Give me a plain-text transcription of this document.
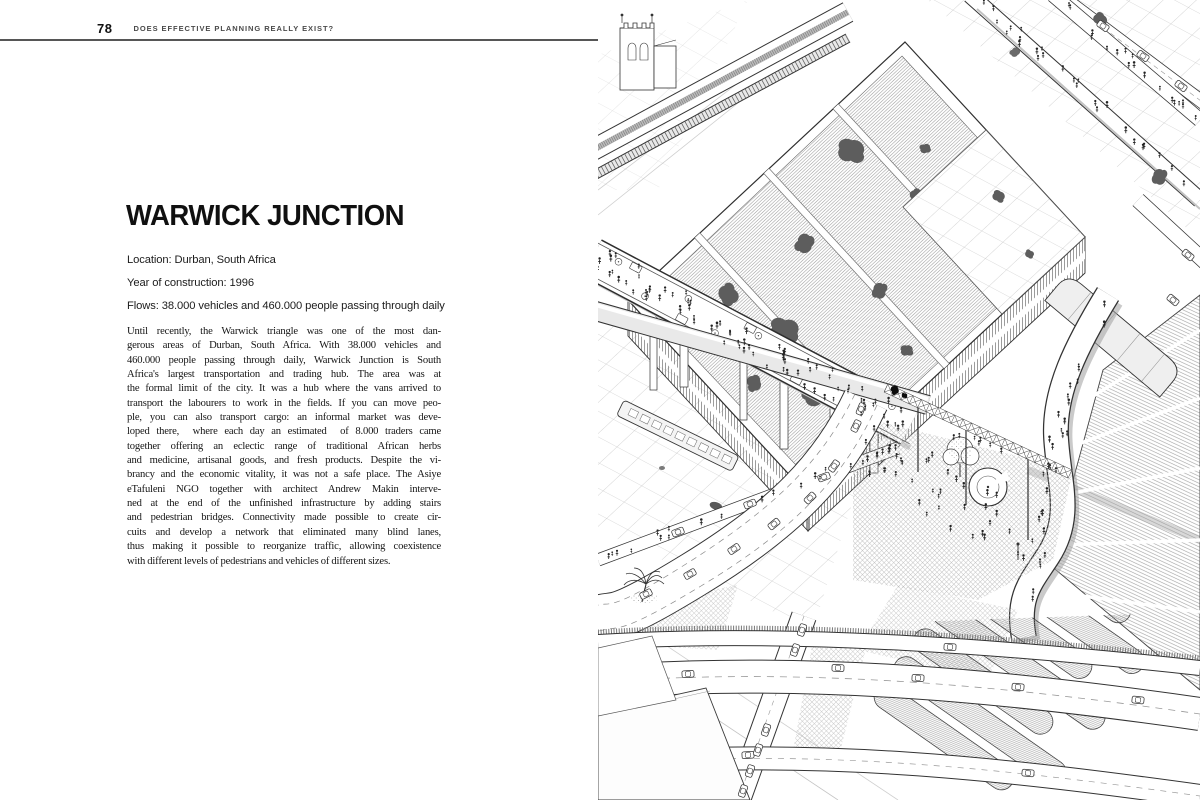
$^{78}$	$^{DOES EFFECTIVE PLANNING REALLY EXIST?}$
WARWICK JUNCTION
Location: Durban, South Africa
Year of construction: 1996
Flows: 38.000 vehicles and 460.000 people passing through daily
Until recently, the Warwick triangle was one of the most dan-
gerous areas of Durban, South Africa. With 38.000 vehicles and
460.000 people passing through daily, Warwick Junction is South
Africa's largest transportation and trading hub. The area was at
the formal limit of the city. It was a hub where the vans arrived to
transport the labourers to work in the fields. If you can move peo-
ple, you can also transport cargo: an informal market was deve-
loped there,  where each day an estimated  of 8.000 traders came
together offering an eclectic range of traditional African herbs
and medicine, artisanal goods, and fresh products. Despite the vi-
brancy and the economic vitality, it was not a safe place. The Asiye
eTafuleni NGO together with architect Andrew Makin interve-
ned at the end of the unfinished infrastructure by adding stairs
and pedestrian bridges. Connectivity made possible to create cir-
cuits and develop a network that eliminated many blind lanes,
thus making it possible to reorganize traffic, allowing coexistence
with different levels of pedestrians and vehicles of different sizes.
